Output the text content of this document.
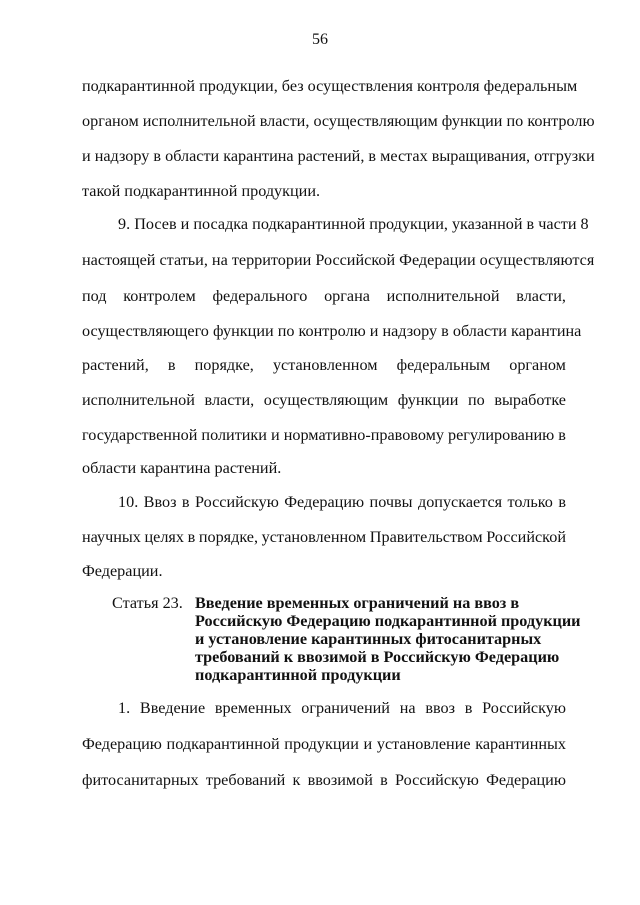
56
подкарантинной продукции, без осуществления контроля федеральным
органом исполнительной власти, осуществляющим функции по контролю
и надзору в области карантина растений, в местах выращивания, отгрузки
такой подкарантинной продукции.
9. Посев и посадка подкарантинной продукции, указанной в части 8
настоящей статьи, на территории Российской Федерации осуществляются
под контролем федерального органа исполнительной власти,
осуществляющего функции по контролю и надзору в области карантина
растений, в порядке, установленном федеральным органом
исполнительной власти, осуществляющим функции по выработке
государственной политики и нормативно-правовому регулированию в
области карантина растений.
10. Ввоз в Российскую Федерацию почвы допускается только в
научных целях в порядке, установленном Правительством Российской
Федерации.
Статья 23. Введение временных ограничений на ввоз в
Российскую Федерацию подкарантинной продукции
и установление карантинных фитосанитарных
требований к ввозимой в Российскую Федерацию
подкарантинной продукции
1. Введение временных ограничений на ввоз в Российскую
Федерацию подкарантинной продукции и установление карантинных
фитосанитарных требований к ввозимой в Российскую Федерацию
